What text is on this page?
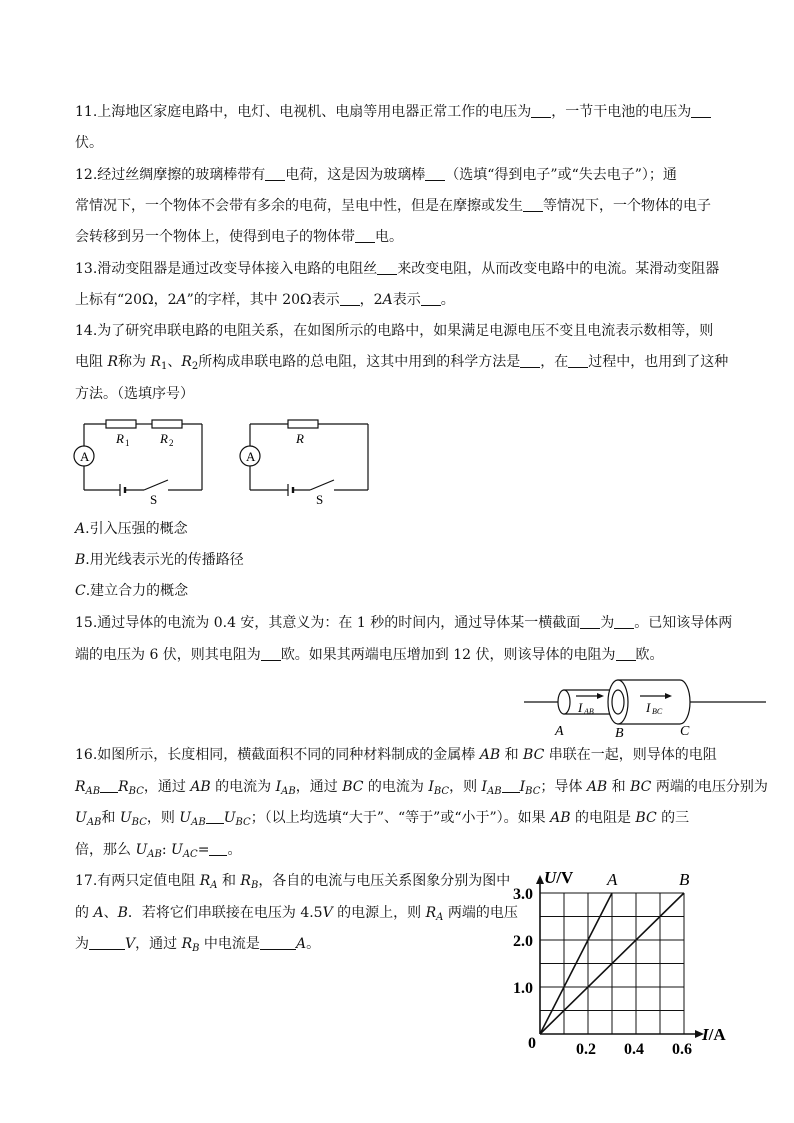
11.上海地区家庭电路中，电灯、电视机、电扇等用电器正常工作的电压为 ，一节干电池的电压为
伏。
12.经过丝绸摩擦的玻璃棒带有 电荷，这是因为玻璃棒 （选填“得到电子”或“失去电子”）；通
常情况下，一个物体不会带有多余的电荷，呈电中性，但是在摩擦或发生 等情况下，一个物体的电子
会转移到另一个物体上，使得到电子的物体带 电。
13.滑动变阻器是通过改变导体接入电路的电阻丝 来改变电阻，从而改变电路中的电流。某滑动变阻器
上标有“20Ω，2A”的字样，其中 20Ω表示 ，2A表示 。
14.为了研究串联电路的电阻关系，在如图所示的电路中，如果满足电源电压不变且电流表示数相等，则
电阻 R称为 $R_1$、$R_2$所构成串联电路的总电阻，这其中用到的科学方法是 ，在 过程中，也用到了这种
方法。（选填序号）
A
R 1 R 2
S
A
R
S
A.引入压强的概念
B.用光线表示光的传播路径
C.建立合力的概念
15.通过导体的电流为 0.4 安，其意义为：在 1 秒的时间内，通过导体某一横截面 为 。已知该导体两
端的电压为 6 伏，则其电阻为 欧。如果其两端电压增加到 12 伏，则该导体的电阻为 欧。
I AB	I BC
A	B	C
16.如图所示，长度相同，横截面积不同的同种材料制成的金属棒 AB 和 BC 串联在一起，则导体的电阻
$R_{AB}$ $R_{BC}$，通过 AB 的电流为 $I_{AB}$，通过 BC 的电流为 $I_{BC}$，则 $I_{AB}$ $I_{BC}$；导体 AB 和 BC 两端的电压分别为
$U_{AB}$和 $U_{BC}$，则 $U_{AB}$ $U_{BC}$；（以上均选填“大于”、“等于”或“小于”）。如果 AB 的电阻是 BC 的三
倍，那么 $U_{AB}$: $U_{AC}=$ 。
17.有两只定值电阻 $R_A$ 和 $R_B$，各自的电流与电压关系图象分别为图中
的 A、B．若将它们串联接在电压为 4.5V 的电源上，则 $R_A$ 两端的电压
为	V，通过 $R_B$ 中电流是	A。
A	B
0.2 0.4 0.6
1.0
2.0
3.0
0
U/V
I/A
